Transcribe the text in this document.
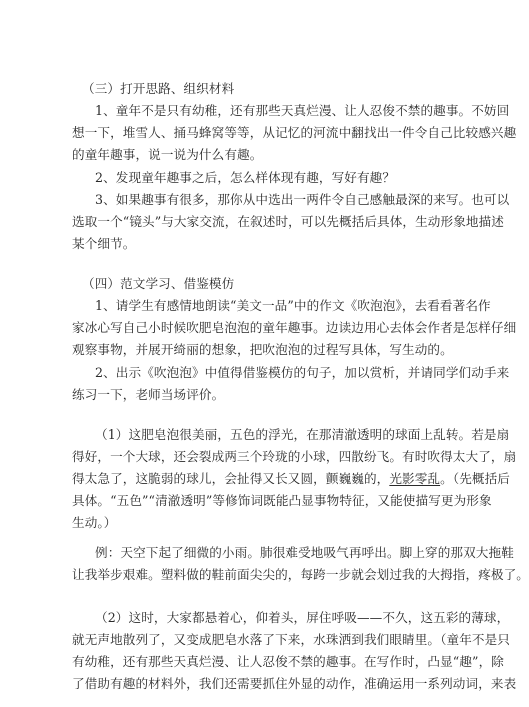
（三）打开思路、组织材料
1、童年不是只有幼稚，还有那些天真烂漫、让人忍俊不禁的趣事。不妨回
想一下，堆雪人、捅马蜂窝等等，从记忆的河流中翻找出一件令自己比较感兴趣
的童年趣事，说一说为什么有趣。
2、发现童年趣事之后，怎么样体现有趣，写好有趣？
3、如果趣事有很多，那你从中选出一两件令自己感触最深的来写。也可以
选取一个“镜头”与大家交流，在叙述时，可以先概括后具体，生动形象地描述
某个细节。
（四）范文学习、借鉴模仿
1、请学生有感情地朗读“美文一品”中的作文《吹泡泡》，去看看著名作
家冰心写自己小时候吹肥皂泡泡的童年趣事。边读边用心去体会作者是怎样仔细
观察事物，并展开绮丽的想象，把吹泡泡的过程写具体，写生动的。
2、出示《吹泡泡》中值得借鉴模仿的句子，加以赏析，并请同学们动手来
练习一下，老师当场评价。
（1）这肥皂泡很美丽，五色的浮光，在那清澈透明的球面上乱转。若是扇
得好，一个大球，还会裂成两三个玲珑的小球，四散纷飞。有时吹得太大了，扇
得太急了，这脆弱的球儿，会扯得又长又圆，颤巍巍的，光影零乱。（先概括后
具体。“五色”“清澈透明”等修饰词既能凸显事物特征，又能使描写更为形象
生动。）
例：天空下起了细微的小雨。肺很难受地吸气再呼出。脚上穿的那双大拖鞋
让我举步艰难。塑料做的鞋前面尖尖的，每跨一步就会划过我的大拇指，疼极了。
（2）这时，大家都悬着心，仰着头，屏住呼吸——不久，这五彩的薄球，
就无声地散列了，又变成肥皂水落了下来，水珠洒到我们眼睛里。（童年不是只
有幼稚，还有那些天真烂漫、让人忍俊不禁的趣事。在写作时，凸显“趣”，除
了借助有趣的材料外，我们还需要抓住外显的动作，准确运用一系列动词，来表
